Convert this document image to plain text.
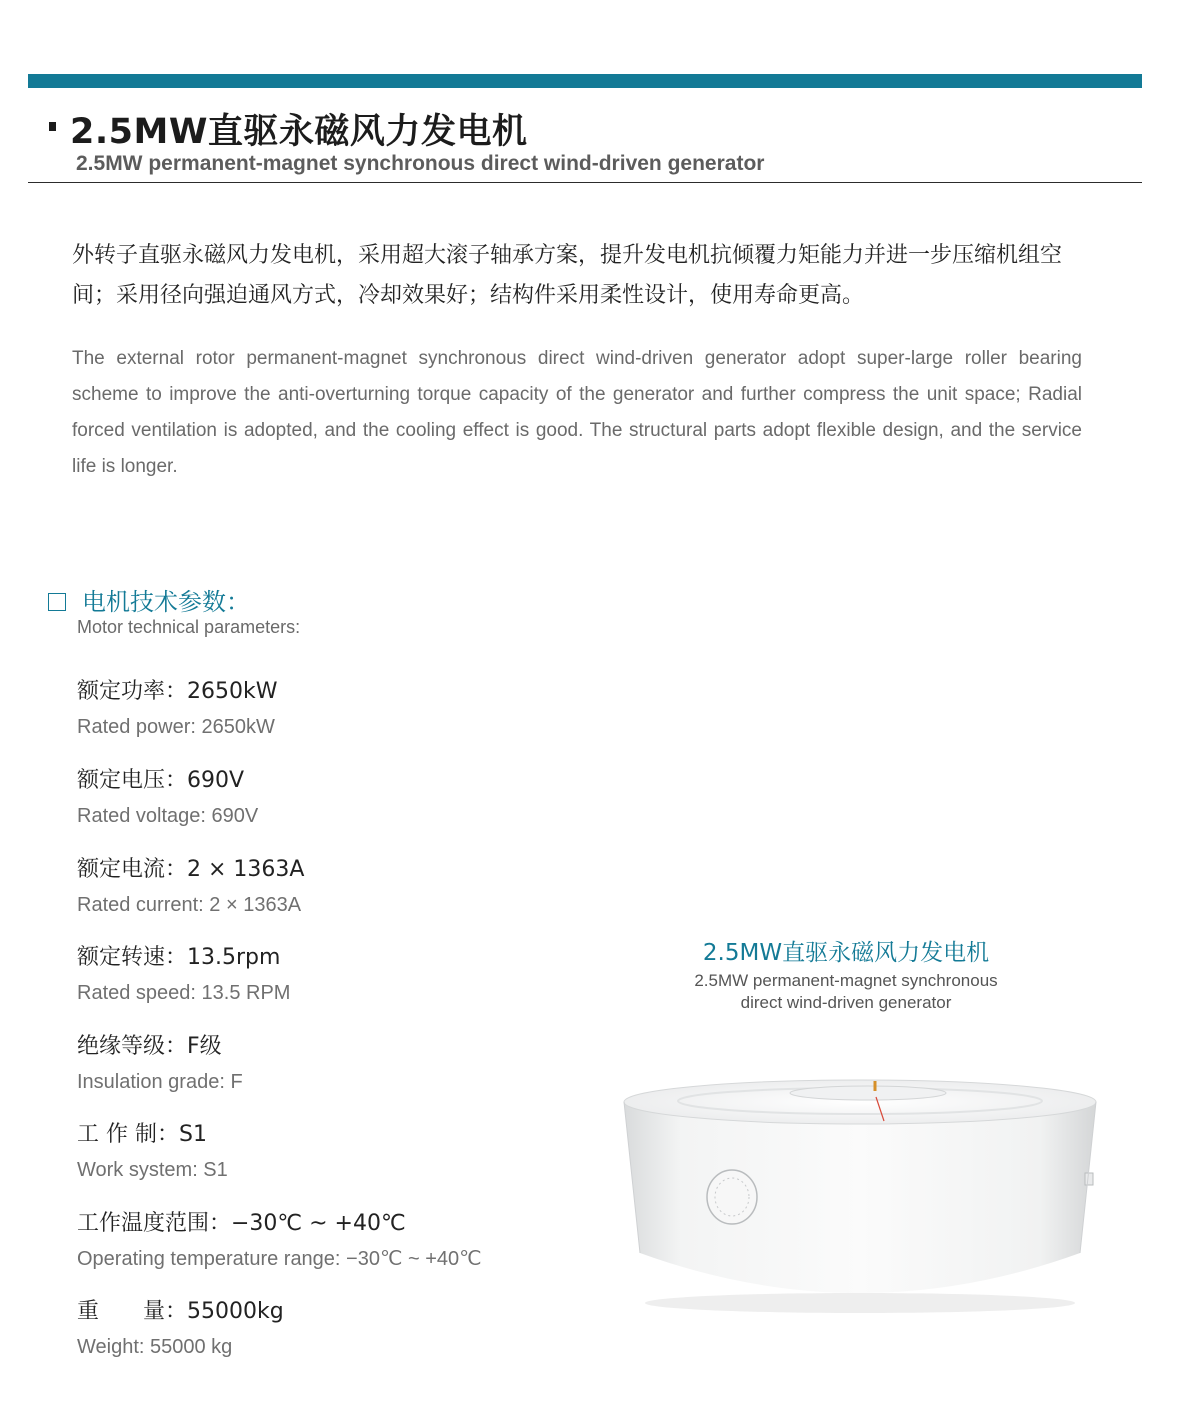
2.5MW直驱永磁风力发电机
2.5MW permanent-magnet synchronous direct wind-driven generator
外转子直驱永磁风力发电机，采用超大滚子轴承方案，提升发电机抗倾覆力矩能力并进一步压缩机组空间；采用径向强迫通风方式，冷却效果好；结构件采用柔性设计，使用寿命更高。
The external rotor permanent-magnet synchronous direct wind-driven generator adopt super-large roller bearing scheme to improve the anti-overturning torque capacity of the generator and further compress the unit space; Radial forced ventilation is adopted, and the cooling effect is good. The structural parts adopt flexible design, and the service life is longer.
电机技术参数：
Motor technical parameters:
额定功率：2650kW
Rated power: 2650kW
额定电压：690V
Rated voltage: 690V
额定电流：2 × 1363A
Rated current: 2 × 1363A
额定转速：13.5rpm
Rated speed: 13.5 RPM
绝缘等级：F级
Insulation grade: F
工 作 制：S1
Work system: S1
工作温度范围：−30℃ ~ +40℃
Operating temperature range: −30℃ ~ +40℃
重　　量：55000kg
Weight: 55000 kg
2.5MW直驱永磁风力发电机
2.5MW permanent-magnet synchronous
direct wind-driven generator
